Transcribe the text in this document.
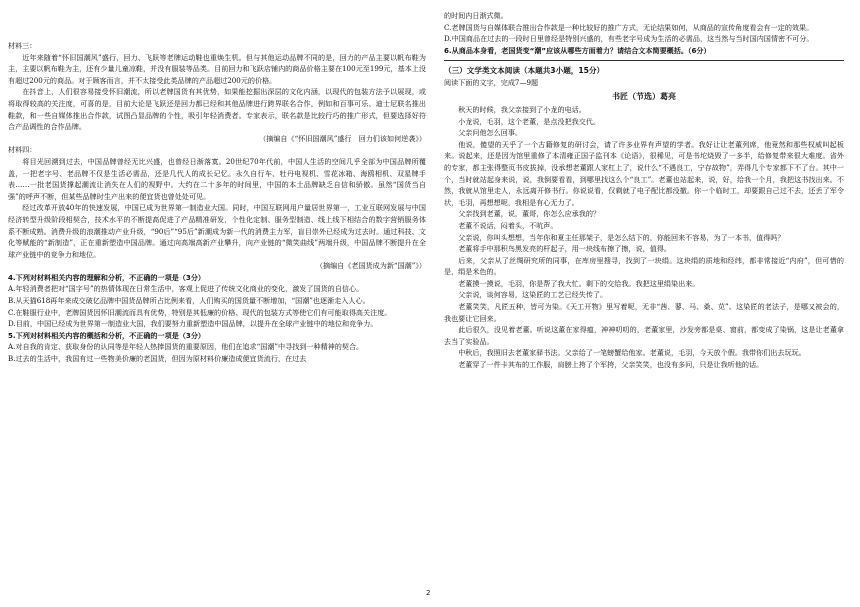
材料三：

近年来随着“怀旧国潮风”盛行，回力、飞跃等老牌运动鞋也重焕生机。但与其他运动品牌不同的是，回力的产品主要以帆布鞋为主，主要以帆布鞋为主，还有少量儿童凉鞋，并没有服装等品类。目前回力和飞跃店铺内的商品价格主要在100元至199元，基本上没有超过200元的商品。对于顾客而言，并不太接受此类品牌的产品超过200元的价格。

在抖音上，人们很容易接受怀旧潮流，所以老牌国货有其优势，如果能挖掘出深层的文化内涵，以现代的包装方法予以展现，或将取得较高的关注度，可喜的是，目前大论是飞跃还是回力都已经和其他品牌进行跨界联名合作，例如和百事可乐、迪士尼联名推出鞋款，和一些自媒体推出合作款，试图凸显品牌的个性，吸引年轻消费者。专家表示，联名款是比较行巧的推广形式，但要选择好符合产品调性的合作品牌。

（摘编自《“怀旧国潮风”盛行　回力们该如何逆袭》）

材料四：

将目光回溯到过去，中国品牌曾经无比兴盛，也曾经日渐落寞。20世纪70年代前，中国人生活的空间几乎全部为中国品牌所覆盖，一把老字号、老品牌不仅是生活必需品，还是几代人的成长记忆。永久自行车、牡丹电视机、雪花冰箱、海鸥相机、双星牌手表……一批老国货撑起潮流让消失在人们的视野中。大约在二十多年的时间里，中国的本土品牌缺乏自信和骄傲。虽然“国货当自强”的呼声不断，但某些品牌时生产出来的便宜货也曾处处可见。

经过改革开放40年的快速发展，中国已成为世界第一制造业大国。同时，中国互联网用户量居世界第一，工业互联网发展与中国经济转型升级阶段相契合，技术水平的不断提高促进了产品精准研发，个性化定制、服务型制造、线上线下相结合的数字营销服务体系不断成熟。消费升级的浪潮推动产业升级，“90后”“95后”新潮成为新一代的消费主力军，盲目崇外已经成为过去时。通过科技、文化等赋能的“新制造”，正在重新塑造中国品牌。通过向高端高新产业攀升，向产业链的“微笑曲线”两端升级，中国品牌不断提升在全球产业链中的竞争力和地位。

（摘编自《老国货成为新“国潮”》）

4.下列对材料相关内容的理解和分析，不正确的一项是（3分）

A.年轻消费者把对“国字号”的热情体现在日常生活中，客观上促进了传统文化商业的变化，激发了国货的自信心。

B.从天猫618再年来成交破亿品牌中国货品牌所占比例来看，人们购买的国货量不断增加，“国潮”也逐渐走入人心。

C.在鞋服行业中，老牌国货因怀旧潮流而具有优势，特别是其低廉的价格、现代的包装方式等使它们有可能取得高关注度。

D.目前，中国已经成为世界第一制造业大国，我们要努力重新塑造中国品牌，以提升在全球产业链中的地位和竞争力。

5.下列对材料相关内容的概括和分析，不正确的一项是（3分）

A.对自我的肯定、获取身份的认同等是年轻人热捧国货的重要原因，他们在追求“国潮”中寻找到一种精神的契合。

B.过去的生活中，我国有过一些物美价廉的老国货，但因为原材料价廉造成便宜货流行，在过去

的时间内日渐式微。

C.老牌国货与自媒体联合推出合作款是一种比较好的推广方式，无论结果如何，从商品的宣传角度看会有一定的效果。

D.中国商品在过去的一段时日里曾经是特别兴盛的，有些老字号成为生活的必需品，这当然与当时国内国情密不可分。

6.从商品本身看，老国货变“潮”应该从哪些方面着力？请结合文本简要概括。（6分）

（三）文学类文本阅读（本题共3小题，15分）

阅读下面的文字，完成7—9题

书匠（节选）葛亮

秋天的时候，我父亲接到了小龙的电话。

小龙说，毛羽，这个老董，是点没把我交代。

父亲问他怎么回事。

他说，傻望的天乎了一个古籍修复的研讨会，请了许多业界有声望的学者。我好让让老董列席，他竟然和那些权威叫起板来。说起来，还是因为馆里重修了本清雍正国子监刊本《论语》，很稀见，可是书坨烧毁了一多半，给修复带来很大难度。省外的专家，都主张得整页书皮拔掉，没承想老董跟人家杠上了，说什么“不遇良工，宁存故物”，弄得几个专家都下不了台。其中一个，当时就站起身来说，说，我倒要看看，到哪里找这么个“良工”。老董也站起来，说，好，给我一个月，我把这书找出来。不然，我就从馆里走人，永远离开修书行。你说说看，仅剩就了电子配比都没撤。你一个临时工，却要跟自己过不去，还丢了军令状，毛羽，再想想呢，我相是有心无力了。

父亲找到老董，说，董哥，你怎么应承我的？

老董不说话，闷着头，不吭声。

父亲说，你叫头想想，当年你和夏主任那架子，是怎么结下的，你能回来不容易，为了一本书，值得吗？

老董将手中那积鸟黑发亮的杆起子，用一块线布擦了擦，说，值得。

后来，父亲从了丝绸研究所的同事，在库房里搜寻，找到了一块绢。这块绢的质地和经纬，都非常接近“内府”，但可惜的是，绢是米色的。

老董摸一摸说，毛羽，你是帮了我大忙。剩下的交给我。我把这里绢染出来。

父亲说，谈何容易，这染匠的工艺已经失传了。

老董笑笑，凡匠五种，皆可为染。《天工开物》里写着呢，无非“茜、蓼、马、桑、苋”。这染匠的老法子，是哪又被会的，我也要让它回来。

此后很久，没见着老董。听说这董在家得瘟，神神叨叨的，老董家里，沙发旁都是桌、窗前，都变成了染锅，这是让老董拿去当了实验品。

中秋后，我照旧去老董家驿书法。父亲给了一笔螃蟹给他家。老董说，毛羽，今天放个假。我带你们出去玩玩。

老董穿了一件卡其布的工作服，肩膀上挎了个军挎，父亲笑笑，也没有多问，只是让我听他的话。

2
